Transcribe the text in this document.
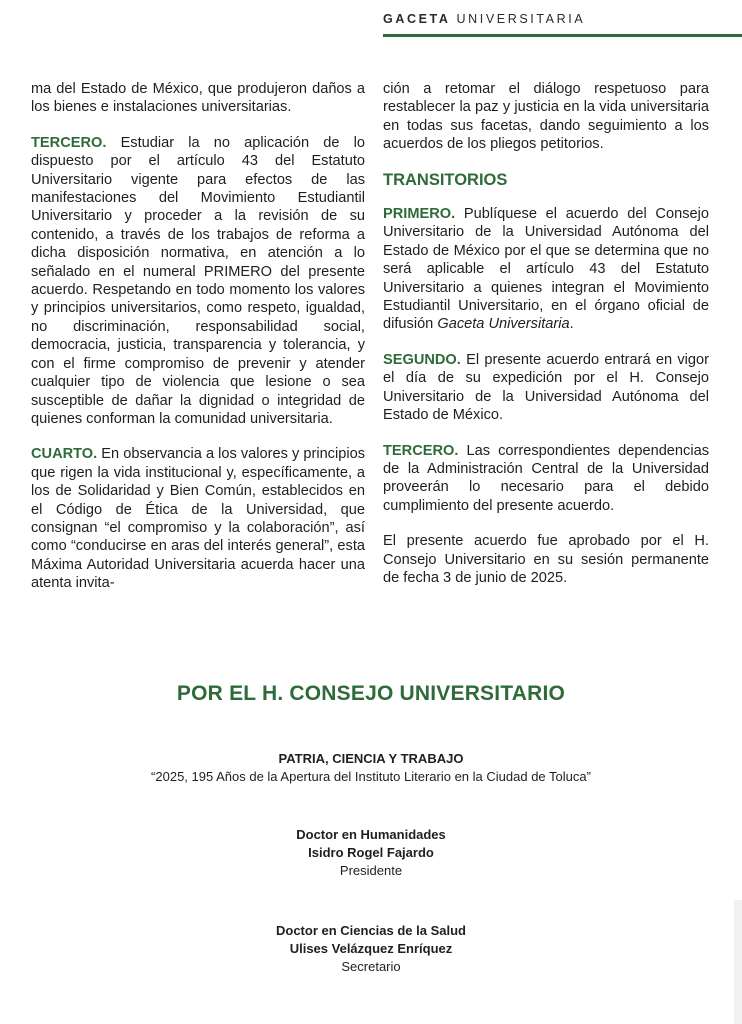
GACETA UNIVERSITARIA

ma del Estado de México, que produjeron daños a los bienes e instalaciones universitarias.

TERCERO. Estudiar la no aplicación de lo dispuesto por el artículo 43 del Estatuto Universitario vigente para efectos de las manifestaciones del Movimiento Estudiantil Universitario y proceder a la revisión de su contenido, a través de los trabajos de reforma a dicha disposición normativa, en atención a lo señalado en el numeral PRIMERO del presente acuerdo. Respetando en todo momento los valores y principios universitarios, como respeto, igualdad, no discriminación, responsabilidad social, democracia, justicia, transparencia y tolerancia, y con el firme compromiso de prevenir y atender cualquier tipo de violencia que lesione o sea susceptible de dañar la dignidad o integridad de quienes conforman la comunidad universitaria.

CUARTO. En observancia a los valores y principios que rigen la vida institucional y, específicamente, a los de Solidaridad y Bien Común, establecidos en el Código de Ética de la Universidad, que consignan “el compromiso y la colaboración”, así como “conducirse en aras del interés general”, esta Máxima Autoridad Universitaria acuerda hacer una atenta invita-

ción a retomar el diálogo respetuoso para restablecer la paz y justicia en la vida universitaria en todas sus facetas, dando seguimiento a los acuerdos de los pliegos petitorios.

TRANSITORIOS

PRIMERO. Publíquese el acuerdo del Consejo Universitario de la Universidad Autónoma del Estado de México por el que se determina que no será aplicable el artículo 43 del Estatuto Universitario a quienes integran el Movimiento Estudiantil Universitario, en el órgano oficial de difusión Gaceta Universitaria.

SEGUNDO. El presente acuerdo entrará en vigor el día de su expedición por el H. Consejo Universitario de la Universidad Autónoma del Estado de México.

TERCERO. Las correspondientes dependencias de la Administración Central de la Universidad proveerán lo necesario para el debido cumplimiento del presente acuerdo.

El presente acuerdo fue aprobado por el H. Consejo Universitario en su sesión permanente de fecha 3 de junio de 2025.

POR EL H. CONSEJO UNIVERSITARIO
PATRIA, CIENCIA Y TRABAJO
“2025, 195 Años de la Apertura del Instituto Literario en la Ciudad de Toluca”
Doctor en Humanidades
Isidro Rogel Fajardo
Presidente
Doctor en Ciencias de la Salud
Ulises Velázquez Enríquez
Secretario
